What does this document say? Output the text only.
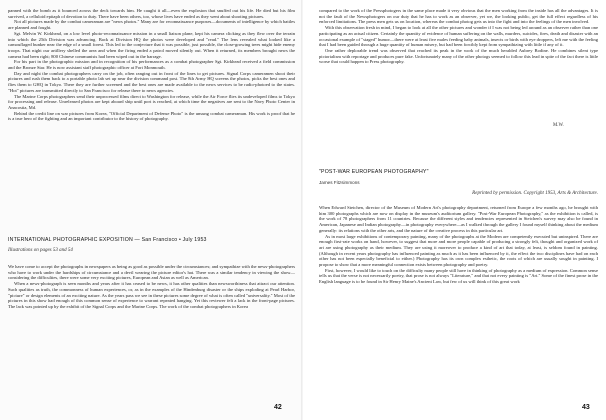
panned with the bomb as it bounced across the deck towards him. He caught it all—even the explosion that snuffed out his life. He died but his film survived, a celluloid epitaph of devotion to duty. There have been others, too, whose lives have ended as they went about shooting pictures.

Not all pictures made by the combat cameraman are "news photos." Many are for reconnaissance purposes—documents of intelligence by which battles are planned and fought.

Sgt. Melvin W. Kirkhead, on a low level photo-reconnaissance mission in a small liaison plane, kept his camera clicking as they flew over the terrain into which the 25th Division was advancing. Back at Division HQ the photos were developed and "read." The lens revealed what looked like a camouflaged bunker near the edge of a small forest. This led to the conjecture that it was possible, just possible, the close-growing trees might hide enemy troops. That night our artillery shelled the area and when the firing ended a patrol moved silently out. When it returned, its members brought news the camera had been right; 800 Chinese communists had been wiped out in the barrage.

For his part in the photographic mission and in recognition of his performances as a combat photographer Sgt. Kirkhead received a field commission and the Bronze Star. He is now assistant staff photographic officer at Fort Monmouth.

Day and night the combat photographers carry on the job, often ranging out in front of the lines to get pictures. Signal Corps cameramen shoot their pictures and rush them back to a portable photo lab set up near the division command post. The 8th Army HQ screens the photos, picks the best ones and flies them to GHQ in Tokyo. There they are further screened and the best ones are made available to the news services to be radio-photoed to the states. "Hot" pictures are transmitted directly to San Francisco for release there to news agencies.

The Marine Corps photographers send their unprocessed films direct to Washington for release, while the Air Force flies its undeveloped films to Tokyo for processing and release. Unreleased photos are kept aboard ship until port is reached, at which time the negatives are sent to the Navy Photo Center in Anacostia, Md.

Behind the credit line on war pictures from Korea, "Official Department of Defense Photo" is the unsung combat cameraman. His work is proof that he is a true hero of the fighting and an important contributor to the history of photography.

INTERNATIONAL PHOTOGRAPHIC EXPOSITION — San Francisco • July 1953
Illustrations on pages 53 and 54

We have come to accept the photographs in newspapers as being as good as possible under the circumstances; and sympathize with the news-photographers who have to work under the hardships of circumstance and a devil wearing the picture editor's hat. There was a similar tendency in viewing the show—considering the difficulties, there were some very exciting pictures, European and Asian as well as American.

When a news-photograph is seen months and years after it has ceased to be news, it has other qualities than newsworthiness that attract our attention. Such qualities as truth, the commonness of human experiences, or, as in the examples of the Hindenburg disaster or the ships exploding at Pearl Harbor, "picture" or design elements of an exciting nature. As the years pass we see in these pictures some degree of what is often called "universality." Most of the pictures in this show had enough of this common sense of experience to warrant repeated hanging. Yet this reviewer felt a lack in the front-page pictures. The lack was pointed up by the exhibit of the Signal Corps and the Marine Corps. The work of the combat photographers in Korea

42

compared to the work of the Pressphotogers in the same place made it very obvious that the men working from the inside has all the advantages. It is not the fault of the Newsphotogers on our duty that he has to work as an observer, yet we, the looking public, get the full effect regardless of his enforced limitations. The press men gets us on location, whereas the combat photog gets us into the fight and into the feelings of the men involved.

With this observation fresh in mind, I began to look at all the other pictures and wonder if I was not being led around as an observer rather than one participating as an actual citizen. Certainly the quantity of evidence of human suffering on the walls, murders, suicides, fires, death and disaster with an occasional example of "staged" humor—there were at least five males feeding baby animals, insects or birds with eye droppers, left me with the feeling that I had been guided through a huge quantity of human misery, but had been forcibly kept from sympathizing with little if any of it.

One rather deplorable trend was observed that reached its peak in the work of the much heralded Aubrey Bodine. He combines silent type pictorialism with reportage and produces pure fake. Unfortunately many of the other photogs seemed to follow this lead in spite of the fact there is little worse that could happen to Press photography.

M.W.
"POST-WAR EUROPEAN PHOTOGRAPHY"
James Fitzsimmons
Reprinted by permission. Copyright 1953, Arts & Architecture.

When Edward Steichen, director of the Museum of Modern Art's photography department, returned from Europe a few months ago, he brought with him 300 photographs which are now on display in the museum's auditorium gallery. "Post-War European Photography," as the exhibition is called, is the work of 78 photographers from 11 countries. Because the different styles and tendencies represented in Steichen's survey may also be found in American, Japanese and Indian photography—in photography everywhere—as I walked through the gallery I found myself thinking about the medium generally: its relations with the other arts, and the nature of the creative process in this particular art.

As in most large exhibitions of contemporary painting, many of the photographs at the Modern are competently executed but uninspired. There are enough first-rate works on hand, however, to suggest that more and more people capable of producing a strongly felt, thought and organized work of art are using photography as their medium. They are using it moreover to produce a kind of art that today, at least, is seldom found in painting. (Although in recent years photography has influenced painting as much as it has been influenced by it, the effect the two disciplines have had on each other has not been especially beneficial to either.) Photography has its own complex esthetic, the roots of which are usually sought in painting. I propose to show that a more meaningful connection exists between photography and poetry.

First, however, I would like to touch on the difficulty many people still have in thinking of photography as a medium of expression. Common sense tells us that the verse is not necessarily poetry, that prose is not always "Literature," and that not every painting is "Art." Some of the finest prose in the English language is to be found in Sir Henry Maine's Ancient Law, but few of us will think of this great work

43
